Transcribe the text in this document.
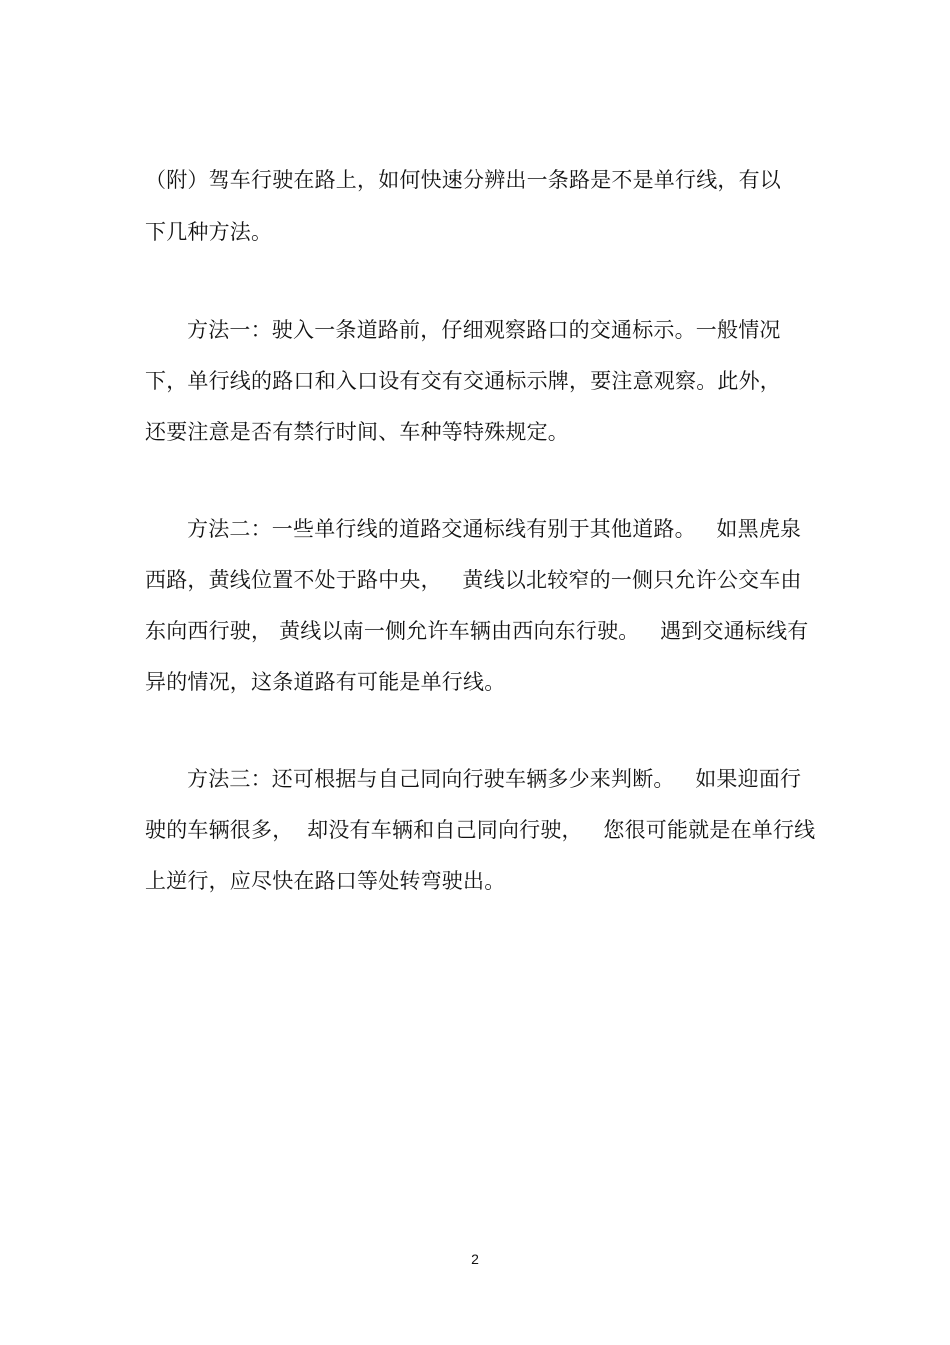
（附）驾车行驶在路上，如何快速分辨出一条路是不是单行线，有以
下几种方法。
方法一：驶入一条道路前，仔细观察路口的交通标示。一般情况
下，单行线的路口和入口设有交有交通标示牌，要注意观察。此外，
还要注意是否有禁行时间、车种等特殊规定。
方法二：一些单行线的道路交通标线有别于其他道路。   如黑虎泉
西路，黄线位置不处于路中央，   黄线以北较窄的一侧只允许公交车由
东向西行驶， 黄线以南一侧允许车辆由西向东行驶。   遇到交通标线有
异的情况，这条道路有可能是单行线。
方法三：还可根据与自己同向行驶车辆多少来判断。   如果迎面行
驶的车辆很多，  却没有车辆和自己同向行驶，   您很可能就是在单行线
上逆行，应尽快在路口等处转弯驶出。
2
